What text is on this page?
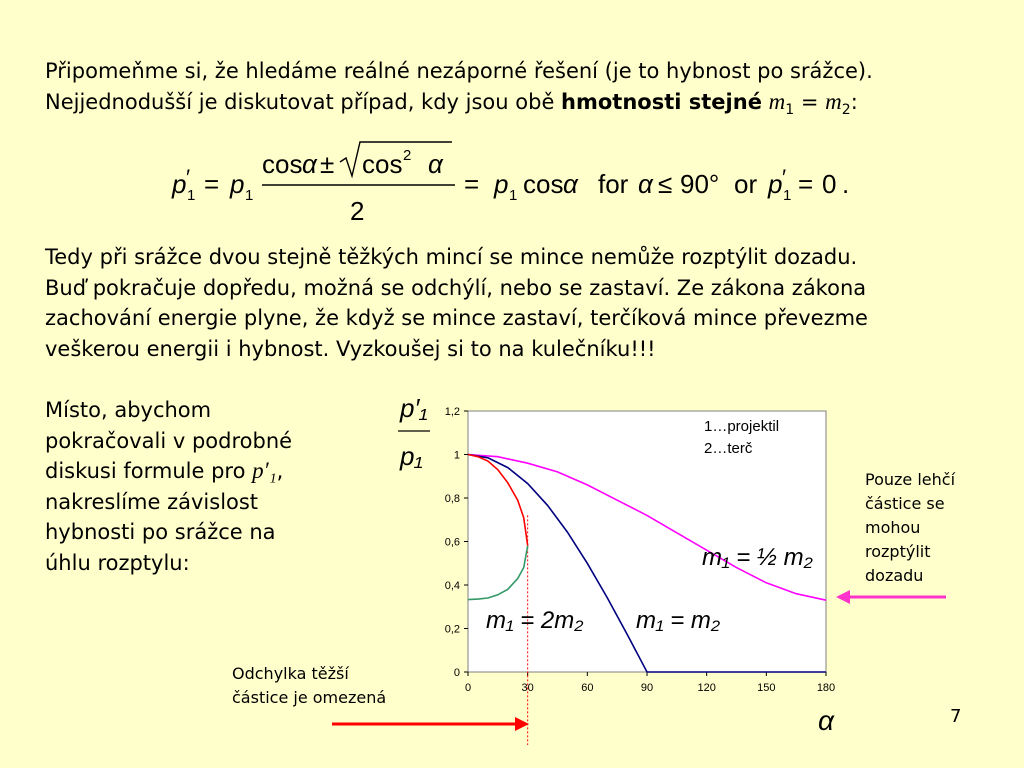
Připomeňme si, že hledáme reálné nezáporné řešení (je to hybnost po srážce).
Nejjednodušší je diskutovat případ, kdy jsou obě hmotnosti stejné $m_1 = m_2$:
p 1
′ = p 1
cos α ± cos 2 α
2
= p 1 cos α for α ≤ 90° or p 1
′ = 0 .
Tedy při srážce dvou stejně těžkých mincí se mince nemůže rozptýlit dozadu.
Buď pokračuje dopředu, možná se odchýlí, nebo se zastaví. Ze zákona zákona
zachování energie plyne, že když se mince zastaví, terčíková mince převezme
veškerou energii i hybnost. Vyzkoušej si to na kulečníku!!!
Místo, abychom
pokračovali v podrobné
diskusi formule pro p′₁,
nakreslíme závislost
hybnosti po srážce na
úhlu rozptylu:
0
0,2
0,4
0,6
0,8
1
1,2
0	30	60	90	120	150	180
p′₁
p₁
1…projektil
2…terč
m₁ = ½ m₂
m₁ = 2m₂ m₁ = m₂
α
Pouze lehčí
částice se
mohou
rozptýlit
dozadu
Odchylka těžší
částice je omezená
7
